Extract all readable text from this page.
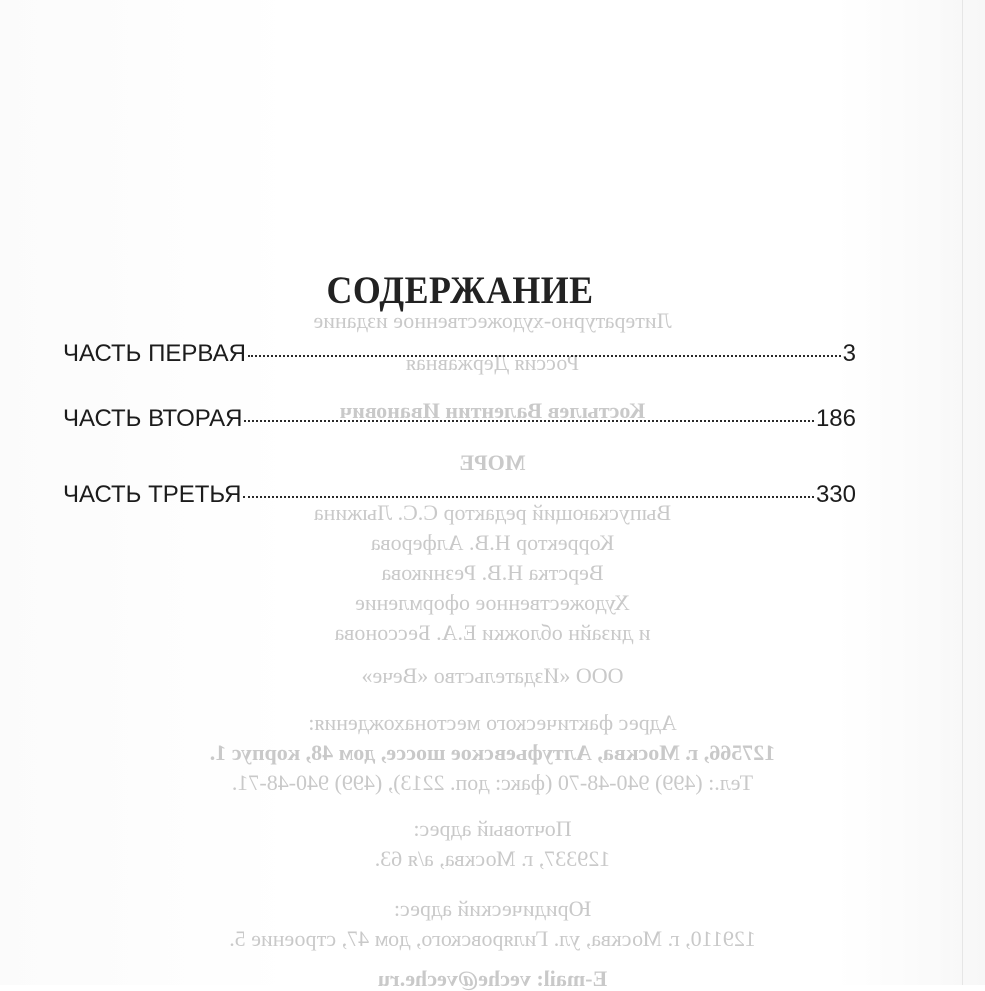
Литературно-художественное издание
Россия Державная
Костылев Валентин Иванович
МОРЕ
Выпускающий редактор С.С. Лыжина
Корректор Н.В. Алферова
Верстка Н.В. Резникова
Художественное оформление
и дизайн обложки Е.А. Бессонова
ООО «Издательство «Вече»
Адрес фактического местонахождения:
127566, г. Москва, Алтуфьевское шоссе, дом 48, корпус 1.
Тел.: (499) 940-48-70 (факс: доп. 2213), (499) 940-48-71.
Почтовый адрес:
129337, г. Москва, а/я 63.
Юридический адрес:
129110, г. Москва, ул. Гиляровского, дом 47, строение 5.
E-mail: veche@veche.ru
СОДЕРЖАНИЕ
ЧАСТЬ ПЕРВАЯ	3
ЧАСТЬ ВТОРАЯ	186
ЧАСТЬ ТРЕТЬЯ	330
